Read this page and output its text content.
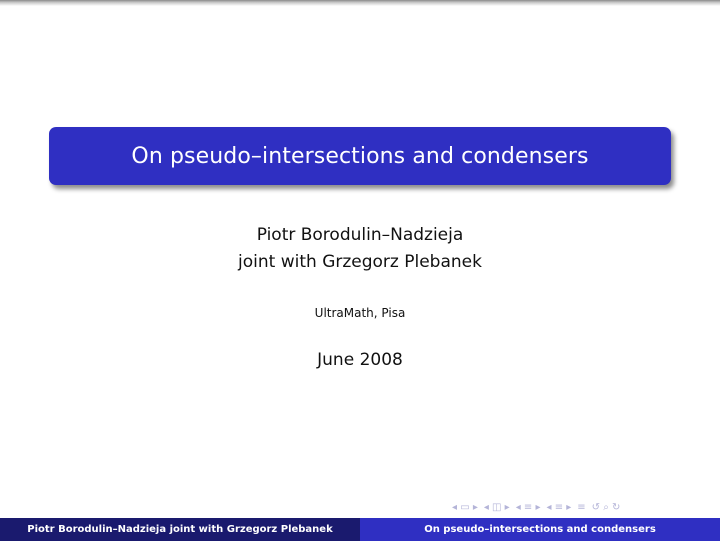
On pseudo–intersections and condensers
Piotr Borodulin–Nadzieja
joint with Grzegorz Plebanek
UltraMath, Pisa
June 2008
◂ ▭ ▸ ◂ ◫ ▸ ◂ ≡ ▸ ◂ ≡ ▸ ≡ ↺ ⌕ ↻
Piotr Borodulin–Nadzieja joint with Grzegorz Plebanek	On pseudo–intersections and condensers
